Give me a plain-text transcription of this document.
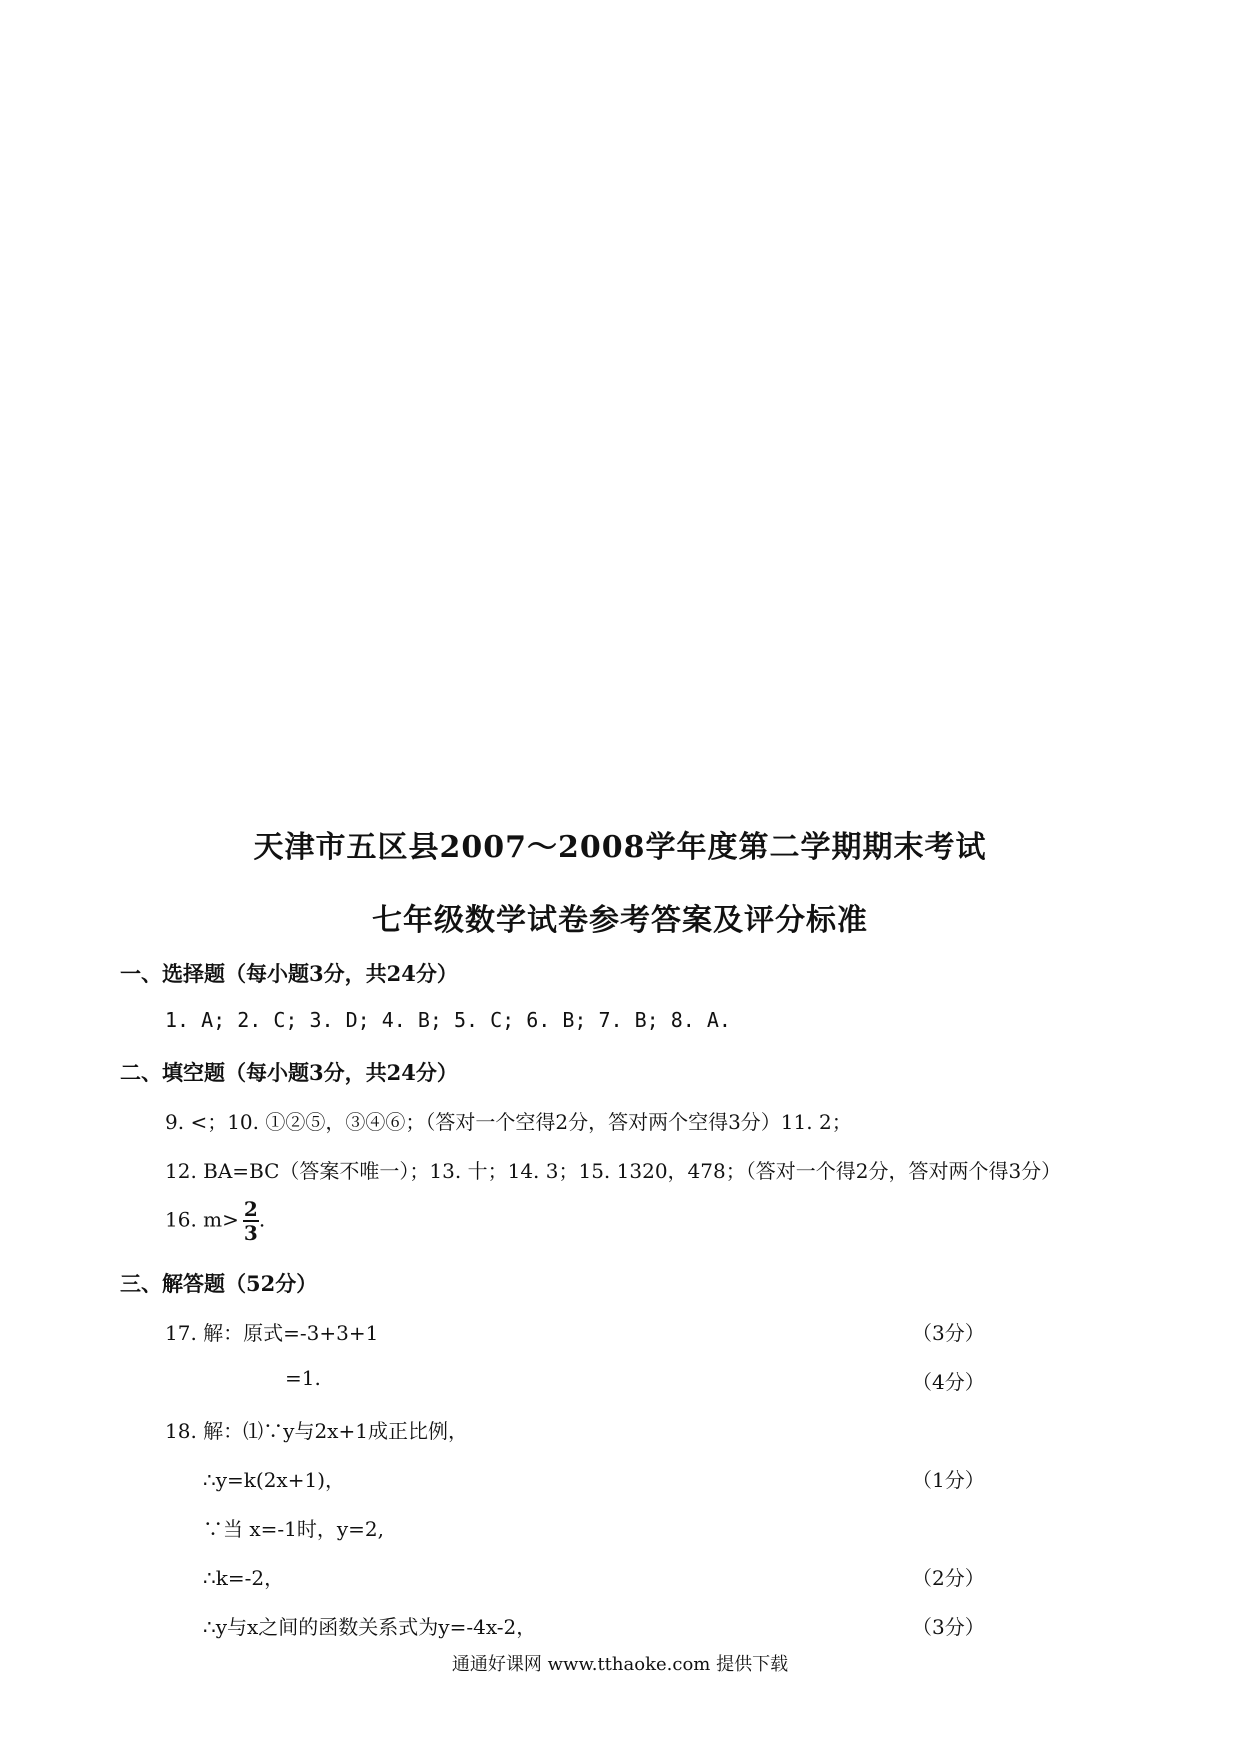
天津市五区县2007～2008学年度第二学期期末考试
七年级数学试卷参考答案及评分标准
一、选择题（每小题3分，共24分）
1. A; 2. C; 3. D; 4. B; 5. C; 6. B; 7. B; 8. A.
二、填空题（每小题3分，共24分）
9. <；10. ①②⑤，③④⑥；（答对一个空得2分，答对两个空得3分）11. 2；
12. BA=BC（答案不唯一）；13. 十；14. 3；15. 1320，478；（答对一个得2分，答对两个得3分）
16. $m> \frac{2}{3}$ .
三、解答题（52分）
17. 解：原式=-3+3+1	（3分）
=1.	（4分）
18. 解：⑴∵y与2x+1成正比例，
∴y=k(2x+1)，	（1分）
∵当 x=-1时，y=2,
∴k=-2，	（2分）
∴y与x之间的函数关系式为y=-4x-2，	（3分）
通通好课网 www.tthaoke.com 提供下载
